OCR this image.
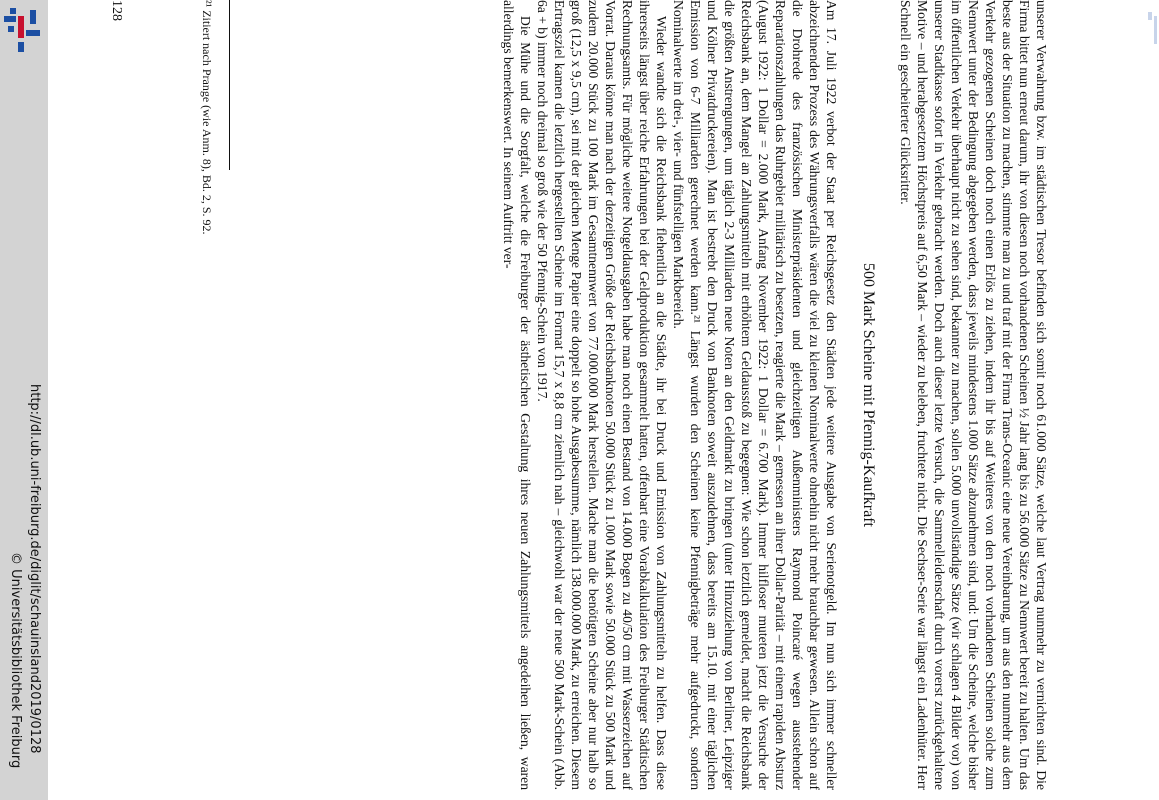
http://dl.ub.uni-freiburg.de/diglit/schauinsland2019/0128
© Universitätsbibliothek Freiburg	unserer Verwahrung bzw. im städtischen Tresor befinden sich somit noch 61.000 Sätze, welche laut Vertrag nunmehr zu vernichten sind. Die Firma bittet nun erneut darum, ihr von diesen noch vorhandenen Scheinen ½ Jahr lang bis zu 56.000 Sätze zu Nennwert bereit zu halten. Um das beste aus der Situation zu machen, stimmte man zu und traf mit der Firma Trans-Oceanic eine neue Vereinbarung, um aus den nunmehr aus dem Verkehr gezogenen Scheinen doch noch einen Erlös zu ziehen, indem ihr bis auf Weiteres von den noch vorhandenen Scheinen solche zum Nennwert unter der Bedingung abgegeben werden, dass jeweils mindestens 1.000 Sätze abzunehmen sind, und: Um die Scheine, welche bisher im öffentlichen Verkehr überhaupt nicht zu sehen sind, bekannter zu machen, sollen 5.000 unvollständige Sätze (wir schlagen 4 Bilder vor) von unserer Stadtkasse sofort in Verkehr gebracht werden. Doch auch dieser letzte Versuch, die Sammelleidenschaft durch vorerst zurückgehaltene Motive – und herabgesetztem Höchstpreis auf 6,50 Mark – wieder zu beleben, fruchtete nicht. Die Sechser-Serie war längst ein Ladenhüter. Herr Schnell ein gescheiterter Glücksritter.

500 Mark Scheine mit Pfennig-Kaufkraft

Am 17. Juli 1922 verbot der Staat per Reichsgesetz den Städten jede weitere Ausgabe von Serienotgeld. Im nun sich immer schneller abzeichnenden Prozess des Währungsverfalls wären die viel zu kleinen Nominalwerte ohnehin nicht mehr brauchbar gewesen. Allein schon auf die Drohrede des französischen Ministerpräsidenten und gleichzeitigen Außenministers Raymond Poincaré wegen ausstehender Reparationszahlungen das Ruhrgebiet militärisch zu besetzen, reagierte die Mark – gemessen an ihrer Dollar-Parität – mit einem rapiden Absturz (August 1922: 1 Dollar = 2.000 Mark, Anfang November 1922: 1 Dollar = 6.700 Mark). Immer hilfloser muteten jetzt die Versuche der Reichsbank an, dem Mangel an Zahlungsmitteln mit erhöhtem Geldausstoß zu begegnen: Wie schon letztlich gemeldet, macht die Reichsbank die größten Anstrengungen, um täglich 2-3 Milliarden neue Noten an den Geldmarkt zu bringen (unter Hinzuziehung von Berliner, Leipziger und Kölner Privatdruckereien). Man ist bestrebt den Druck von Banknoten soweit auszudehnen, dass bereits am 15.10. mit einer täglichen Emission von 6-7 Milliarden gerechnet werden kann.²¹ Längst wurden den Scheinen keine Pfennigbeträge mehr aufgedruckt, sondern Nominalwerte im drei-, vier- und fünfstelligen Markbereich.

Wieder wandte sich die Reichsbank flehentlich an die Städte, ihr bei Druck und Emission von Zahlungsmitteln zu helfen. Dass diese ihrerseits längst über reiche Erfahrungen bei der Geldproduktion gesammelt hatten, offenbart eine Vorabkalkulation des Freiburger Städtischen Rechnungsamts. Für mögliche weitere Notgeldausgaben habe man noch einen Bestand von 14.000 Bogen zu 40/50 cm mit Wasserzeichen auf Vorrat. Daraus könne man nach der derzeitigen Größe der Reichsbanknoten 50.000 Stück zu 1.000 Mark sowie 50.000 Stück zu 500 Mark und zudem 20.000 Stück zu 100 Mark im Gesamtnennwert von 77.000.000 Mark herstellen. Mache man die benötigten Scheine aber nur halb so groß (12,5 x 9,5 cm), sei mit der gleichen Menge Papier eine doppelt so hohe Ausgabesumme, nämlich 138.000.000 Mark, zu erreichen. Diesem Ertragsziel kamen die letztlich hergestellten Scheine im Format 15,7 x 8,8 cm ziemlich nah – gleichwohl war der neue 500 Mark-Schein (Abb. 6a + b) immer noch dreimal so groß wie der 50 Pfennig-Schein von 1917.

Die Mühe und die Sorgfalt, welche die Freiburger der ästhetischen Gestaltung ihres neuen Zahlungsmittels angedeihen ließen, waren allerdings bemerkenswert. In seinem Auftritt ver-

²¹ Zitiert nach Prange (wie Anm. 8), Bd. 2, S. 92.
128
